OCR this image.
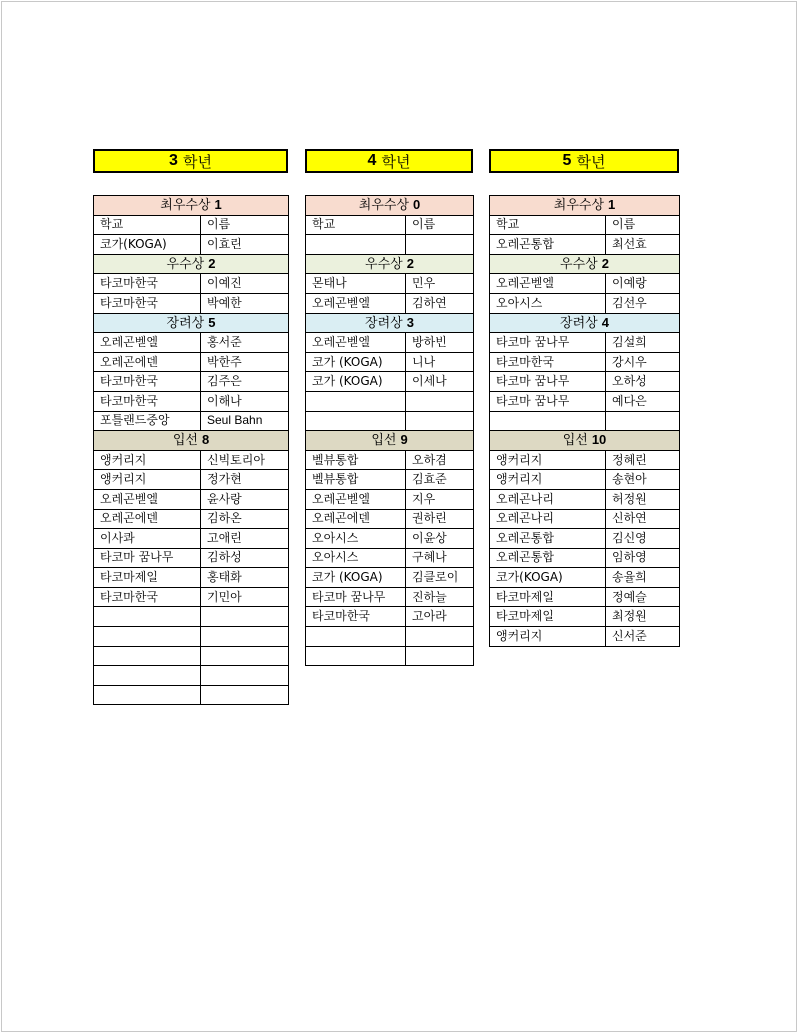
3 학년
최우수상 1	
학교	이름
코가(KOGA)	이효린
우수상 2	
타코마한국	이예진
타코마한국	박예한
장려상 5	
오레곤벧엘	홍서준
오레곤에덴	박한주
타코마한국	김주은
타코마한국	이해나
포틀랜드중앙	Seul Bahn
입선 8	
앵커리지	신빅토리아
앵커리지	정가현
오레곤벧엘	윤사랑
오레곤에덴	김하온
이사콰	고애린
타코마 꿈나무	김하성
타코마제일	홍태화
타코마한국	기민아

4 학년
최우수상 0	
학교	이름

우수상 2	
몬태나	민우
오레곤벧엘	김하연
장려상 3	
오레곤벧엘	방하빈
코가 (KOGA)	니나
코가 (KOGA)	이세나

입선 9	
벨뷰통합	오하겸
벨뷰통합	김효준
오레곤벧엘	지우
오레곤에덴	권하린
오아시스	이윤상
오아시스	구혜나
코가 (KOGA)	김클로이
타코마 꿈나무	진하늘
타코마한국	고아라

5 학년
최우수상 1	
학교	이름
오레곤통합	최선효
우수상 2	
오레곤벧엘	이예랑
오아시스	김선우
장려상 4	
타코마 꿈나무	김설희
타코마한국	강시우
타코마 꿈나무	오하성
타코마 꿈나무	예다은

입선 10	
앵커리지	정혜린
앵커리지	송현아
오레곤나리	허정원
오레곤나리	신하연
오레곤통합	김신영
오레곤통합	임하영
코가(KOGA)	송율희
타코마제일	정예슬
타코마제일	최정원
앵커리지	신서준
